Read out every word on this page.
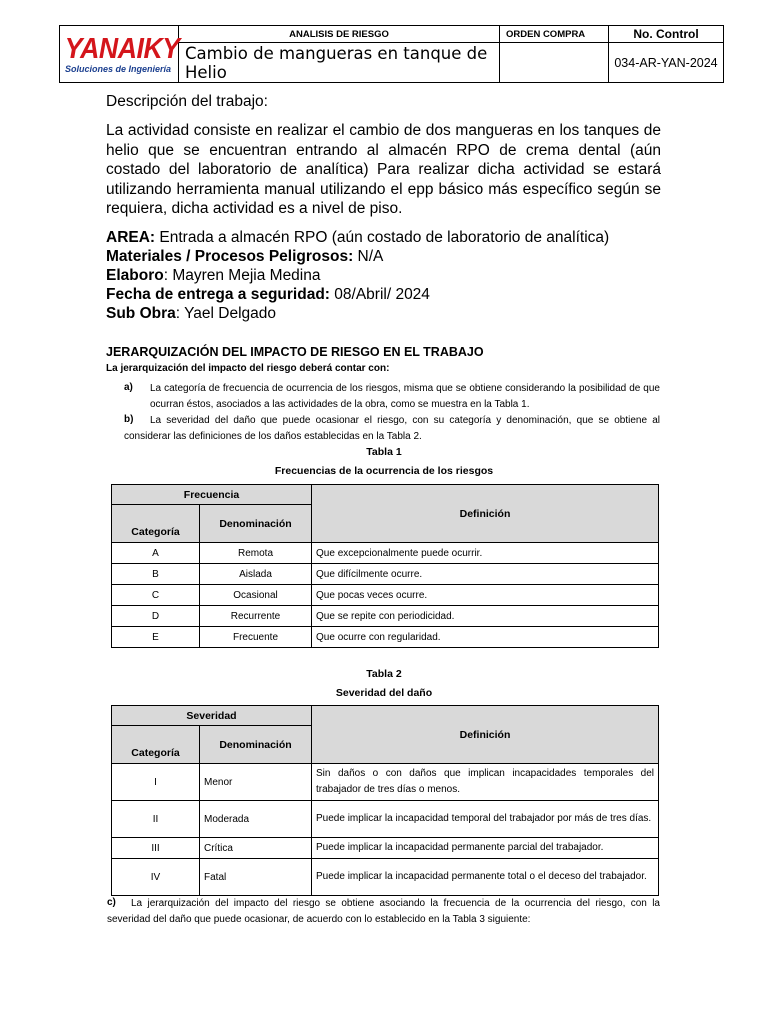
YANAIKY
Soluciones de Ingeniería	ANALISIS DE RIESGO	ORDEN COMPRA	No. Control
	Cambio de mangueras en tanque de Helio		034-AR-YAN-2024
Descripción del trabajo:
La actividad consiste en realizar el cambio de dos mangueras en los tanques de helio que se encuentran entrando al almacén RPO de crema dental (aún costado del laboratorio de analítica) Para realizar dicha actividad se estará utilizando herramienta manual utilizando el epp básico más específico según se requiera, dicha actividad es a nivel de piso.
AREA: Entrada a almacén RPO (aún costado de laboratorio de analítica)
Materiales / Procesos Peligrosos: N/A
Elaboro: Mayren Mejia Medina
Fecha de entrega a seguridad: 08/Abril/ 2024
Sub Obra: Yael Delgado
JERARQUIZACIÓN DEL IMPACTO DE RIESGO EN EL TRABAJO
La jerarquización del impacto del riesgo deberá contar con:
a) La categoría de frecuencia de ocurrencia de los riesgos, misma que se obtiene considerando la posibilidad de que ocurran éstos, asociados a las actividades de la obra, como se muestra en la Tabla 1.
b)	La severidad del daño que puede ocasionar el riesgo, con su categoría y denominación, que se obtiene al considerar las definiciones de los daños establecidas en la Tabla 2.
Tabla 1
Frecuencias de la ocurrencia de los riesgos
Frecuencia		Definición
Categoría	Denominación	
A	Remota	Que excepcionalmente puede ocurrir.
B	Aislada	Que difícilmente ocurre.
C	Ocasional	Que pocas veces ocurre.
D	Recurrente	Que se repite con periodicidad.
E	Frecuente	Que ocurre con regularidad.
Tabla 2
Severidad del daño
Severidad		Definición
Categoría	Denominación	
I	Menor	Sin daños o con daños que implican incapacidades temporales del trabajador de tres días o menos.
II	Moderada	Puede implicar la incapacidad temporal del trabajador por más de tres días.
III	Crítica	Puede implicar la incapacidad permanente parcial del trabajador.
IV	Fatal	Puede implicar la incapacidad permanente total o el deceso del trabajador.
c)	La jerarquización del impacto del riesgo se obtiene asociando la frecuencia de la ocurrencia del riesgo, con la severidad del daño que puede ocasionar, de acuerdo con lo establecido en la Tabla 3 siguiente:
